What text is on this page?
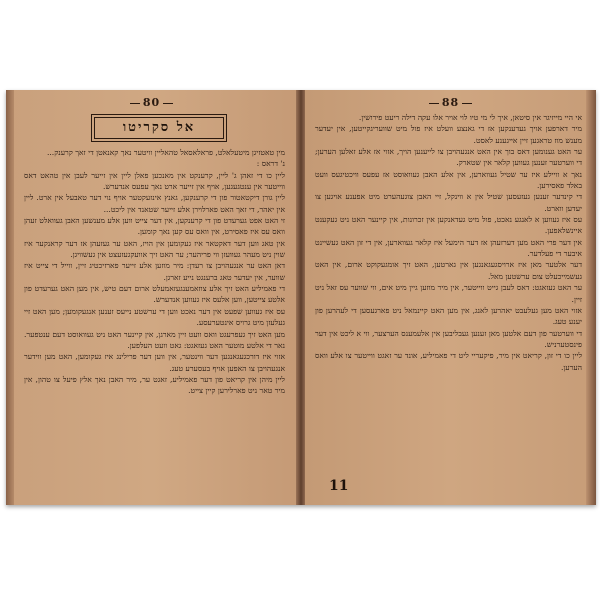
80
אל סקריטו

מין טאטזיגן מיטעלאלט, פראלאסאל טהאליין וויטער נאך קאנאטן די זאך קרענק...

נ' דראס :

ליין כו די זאהן ג' ליין, קרענקט אין מאנכען פאלן ליין אין זייער לעבן אין טהאט דאס ווייטער אין ענטגעגען, אויף אין זייער ארט נאך עפעס אנדערש.

ליין גורן דיקטאטור פון די קרענקען, גאנץ אינזעקטער אויף נוי דער טאבעל אין ארט. ליין אין יאהר, די זאך האט פארלוירן אלע זייער שטאנד אין ליכט...

זי האט אפט גערעדט פון די קרענקען, אין דער צייט ווען אלע מענשען האבן געוואלט זעהן וואס עס איז פאסירט, אין וואס עס קען נאך קומען.

אין טאג ווען דער דאקטאר איז געקומען אין הויז, האט ער געזעהן אז דער קראנקער איז שוין ניט מעהר געוועזן ווי פריהער; ער האט זיך אוועקגעזעצט אין געשוויגן.

דאן האט ער אנגעהויבן צו רעדן: מיר מוזען אלע זייער פארזיכטיג זיין, ווייל די צייט איז שווער, אין יעדער טאג ברענגט נייע זארגן.

די פאמיליע האט זיך אלע צוזאמענגעזאמעלט ארום דעם טיש, אין מען האט גערעדט פון אלטע צייטען, ווען אלעס איז געווען אנדערש.

עס איז געווען שפעט אין דער נאכט ווען די ערשטע נייעס זענען אנגעקומען; מען האט זיי געלעזן מיט גרויס אינטערעסע.

מען האט זיך געפרעגט וואס וועט זיין מארגן, אין קיינער האט ניט געוואוסט דעם ענטפער. נאר די אלטע מוטער האט געזאגט: גאט וועט העלפען.

אזוי איז דורכגעגאנגען דער ווינטער, אין ווען דער פרילינג איז געקומען, האט מען ווידער אנגעהויבן צו האפען אויף בעסערע טעג.

ליין מיהן אין קריאט פון דער פאמיליע, זאגט ער, מיר האבן נאך אלץ פיעל צו טהון, אין מיר טאר ניט פארלירען קיין צייט.

88

אי היי מייזיגר אין סיטאן, איך לי מי טיו לוי אויר אלו עקה דילה ריעט פירושין.

מיר דארפען אויך געדענקען אז די גאנצע וועלט איז פול מיט שוועריגקייטען, אין יעדער מענש מוז טראגען זיין אייגענע לאסט.

ער האט גענומען דאס בוך אין האט אנגעהויבן צו לייענען הויך, אזוי אז אלע זאלען הערען; די ווערטער זענען געווען קלאר אין שטארק.

נאך א וויילע איז ער שטיל געווארען, אין אלע האבן געוואוסט אז עפעס וויכטיגעס וועט באלד פאסירען.

די קינדער זענען געזעסען שטיל אין א ווינקל, זיי האבן צוגעהערט מיט אפענע אויגען צו יעדען ווארט.

עס איז געווען א לאנגע נאכט, פול מיט געדאנקען אין זכרונות, אין קיינער האט ניט געקענט איינשלאפען.

אין דער פרי האט מען דערזעהן אז דער הימעל איז קלאר געווארען, אין די זון האט געשיינט איבער די פעלדער.

דער אלטער מאן איז ארויסגעגאנגען אין גארטען, האט זיך אומגעקוקט ארום, אין האט געשמייכעלט צום ערשטען מאל.

ער האט געזאגט: דאס לעבן גייט ווייטער, אין מיר מוזען גיין מיט אים, ווי שווער עס זאל ניט זיין.

אזוי האט מען געלעבט יאהרען לאנג, אין מען האט קיינמאל ניט פארגעסען די לעהרען פון יענע טעג.

די ווערטער פון דעם אלטען מאן זענען געבליבען אין אלעמענס הערצער, ווי א ליכט אין דער פינסטערניש.

ליין כו די זון, קריאט אין מיר, פיקעריי ליט די פאמיליע, אונד ער זאגט ווייטער צו אלע וואס הערען.

11
